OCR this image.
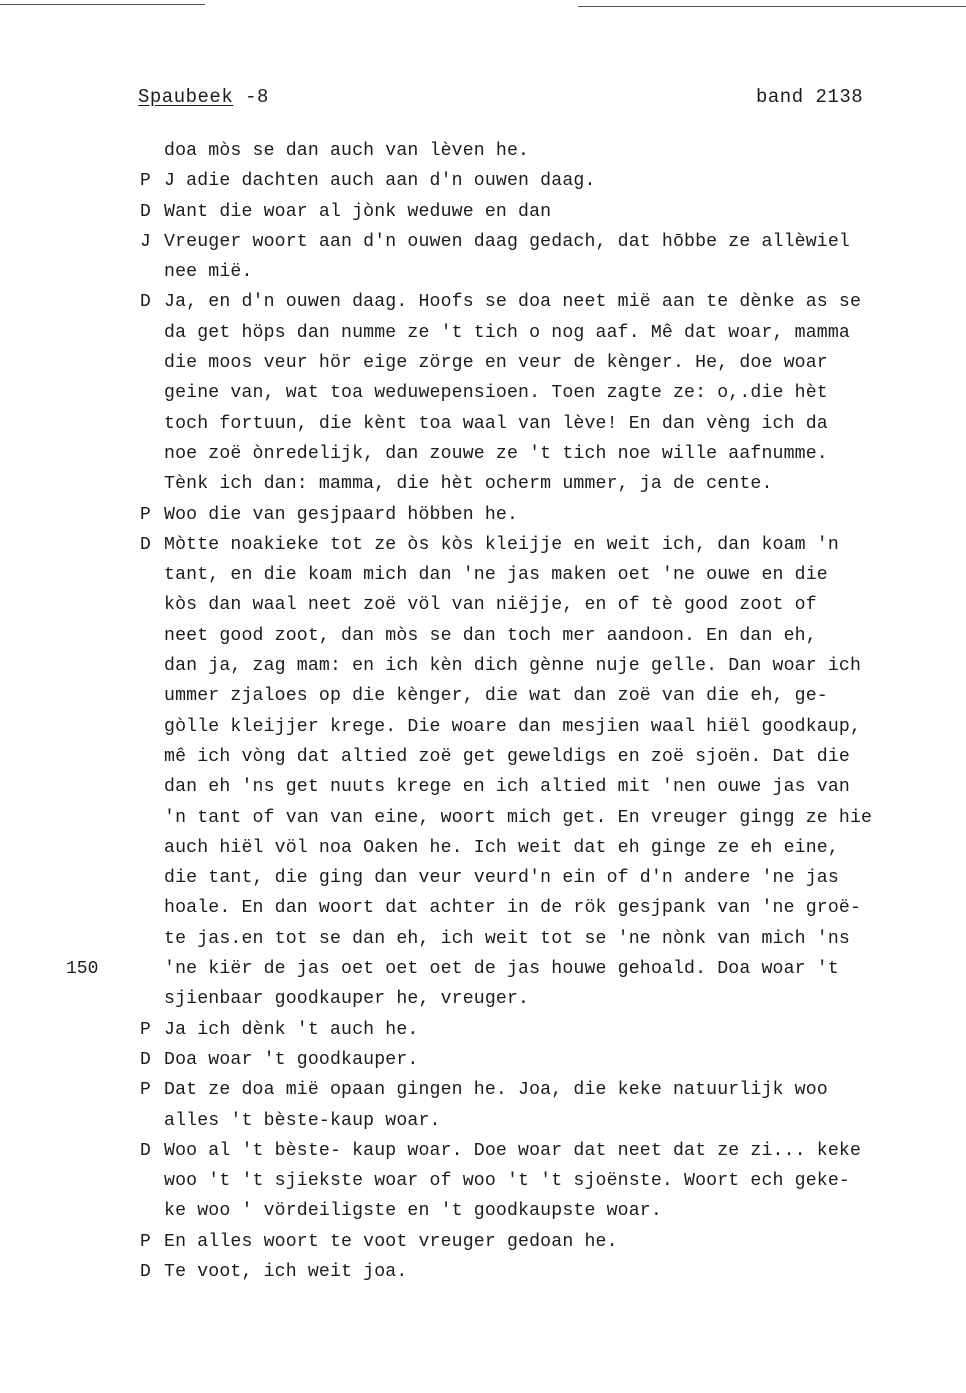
Spaubeek -8	band 2138
doa mòs se dan auch van lèven he.
P J adie dachten auch aan d'n ouwen daag.
D Want die woar al jònk weduwe en dan
J Vreuger woort aan d'n ouwen daag gedach, dat hōbbe ze allèwiel
nee mië.
D Ja, en d'n ouwen daag. Hoofs se doa neet mië aan te dènke as se
da get höps dan numme ze 't tich o nog aaf. Mê dat woar, mamma
die moos veur hör eige zörge en veur de kènger. He, doe woar
geine van, wat toa weduwepensioen. Toen zagte ze: o,.die hèt
toch fortuun, die kènt toa waal van lève! En dan vèng ich da
noe zoë ònredelijk, dan zouwe ze 't tich noe wille aafnumme.
Tènk ich dan: mamma, die hèt ocherm ummer, ja de cente.
P Woo die van gesjpaard höbben he.
D Mòtte noakieke tot ze òs kòs kleijje en weit ich, dan koam 'n
tant, en die koam mich dan 'ne jas maken oet 'ne ouwe en die
kòs dan waal neet zoë völ van niëjje, en of tè good zoot of
neet good zoot, dan mòs se dan toch mer aandoon. En dan eh,
dan ja, zag mam: en ich kèn dich gènne nuje gelle. Dan woar ich
ummer zjaloes op die kènger, die wat dan zoë van die eh, ge-
gòlle kleijjer krege. Die woare dan mesjien waal hiël goodkaup,
mê ich vòng dat altied zoë get geweldigs en zoë sjoën. Dat die
dan eh 'ns get nuuts krege en ich altied mit 'nen ouwe jas van
'n tant of van van eine, woort mich get. En vreuger gingg ze hie
auch hiël völ noa Oaken he. Ich weit dat eh ginge ze eh eine,
die tant, die ging dan veur veurd'n ein of d'n andere 'ne jas
hoale. En dan woort dat achter in de rök gesjpank van 'ne groë-
te jas.en tot se dan eh, ich weit tot se 'ne nònk van mich 'ns
150	'ne kiër de jas oet oet oet de jas houwe gehoald. Doa woar 't
sjienbaar goodkauper he, vreuger.
P Ja ich dènk 't auch he.
D Doa woar 't goodkauper.
P Dat ze doa mië opaan gingen he. Joa, die keke natuurlijk woo
alles 't bèste-kaup woar.
D Woo al 't bèste- kaup woar. Doe woar dat neet dat ze zi... keke
woo 't 't sjiekste woar of woo 't 't sjoënste. Woort ech geke-
ke woo ' vördeiligste en 't goodkaupste woar.
P En alles woort te voot vreuger gedoan he.
D Te voot, ich weit joa.
